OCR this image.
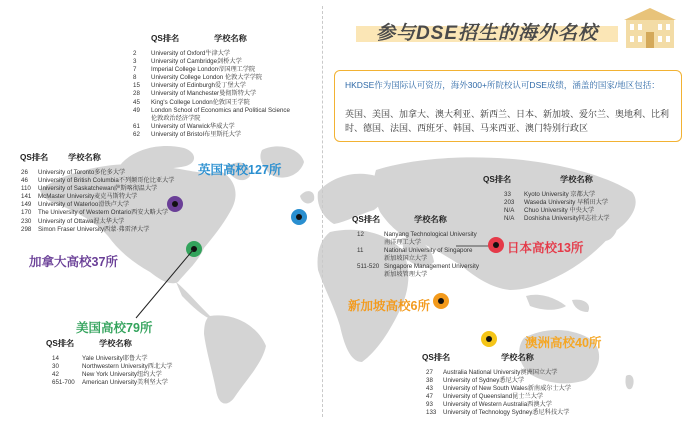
参与DSE招生的海外名校
HKDSE作为国际认可资历，海外300+所院校认可DSE成绩，涵盖的国家/地区包括：
英国、美国、加拿大、澳大利亚、新西兰、日本、新加坡、爱尔兰、奥地利、比利时、德国、法国、西班牙、韩国、马来西亚、澳门特别行政区
QS排名	学校名称
2 University of Oxford牛津大学
3 University of Cambridge剑桥大学
7 Imperial College London帝国理工学院
8 University College London 伦敦大学学院
15 University of Edinburgh爱丁堡大学
28 University of Manchester曼彻斯特大学
45 King's College London伦敦国王学院
49 London School of Economics and Political Science
伦敦政治经济学院
61 University of Warwick华威大学
62 University of Bristol布里斯托大学
英国高校127所
QS排名 学校名称
26 University of Toronto多伦多大学
46 University of British Columbia不列颠哥伦比亚大学
110 University of Saskatchewan萨斯喀彻温大学
141 McMaster University麦克马斯特大学
149 University of Waterloo滑铁卢大学
170 The University of Western Ontario西安大略大学
230 University of Ottawa渥太华大学
298 Simon Fraser University西蒙·弗雷泽大学
加拿大高校37所
美国高校79所
QS排名	学校名称
14	Yale University耶鲁大学
30	Northwestern University西北大学
42	New York University纽约大学
651-700 American University美利坚大学
QS排名	学校名称
12	Nanyang Technological University
南洋理工大学
11	National University of Singapore
新加坡国立大学
511-520 Singapore Management University
新加坡管理大学
新加坡高校6所
QS排名	学校名称
33 Kyoto University 京都大学
203 Waseda University 早稻田大学
N/A Chuo University 中央大学
N/A Doshisha University同志社大学
日本高校13所
澳洲高校40所
QS排名	学校名称
27 Australia National University澳洲国立大学
38 University of Sydney悉尼大学
43 University of New South Wales新南威尔士大学
47 University of Queensland昆士兰大学
93 University of Western Australia西澳大学
133 University of Technology Sydney悉尼科技大学
